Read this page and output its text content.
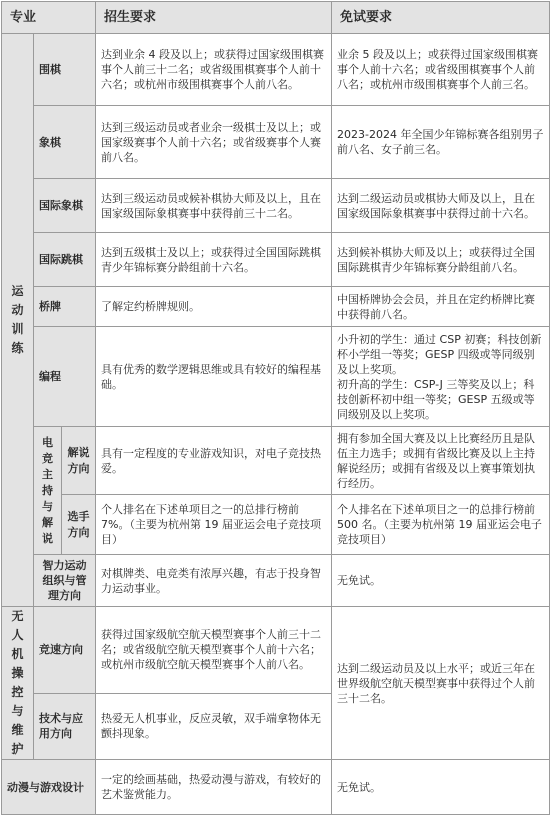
专业			招生要求	免试要求
运动训练	围棋		达到业余 4 段及以上；或获得过国家级围棋赛事个人前三十二名；或省级围棋赛事个人前十六名；或杭州市级围棋赛事个人前八名。	业余 5 段及以上；或获得过国家级围棋赛事个人前十六名；或省级围棋赛事个人前八名；或杭州市级围棋赛事个人前三名。
	象棋		达到三级运动员或者业余一级棋士及以上；或国家级赛事个人前十六名；或省级赛事个人赛前八名。	2023-2024 年全国少年锦标赛各组别男子前八名、女子前三名。
	国际象棋		达到三级运动员或候补棋协大师及以上，且在国家级国际象棋赛事中获得前三十二名。	达到二级运动员或棋协大师及以上，且在国家级国际象棋赛事中获得过前十六名。
	国际跳棋		达到五级棋士及以上；或获得过全国国际跳棋青少年锦标赛分龄组前十六名。	达到候补棋协大师及以上；或获得过全国国际跳棋青少年锦标赛分龄组前八名。
	桥牌		了解定约桥牌规则。	中国桥牌协会会员，并且在定约桥牌比赛中获得前八名。
	编程		具有优秀的数学逻辑思维或具有较好的编程基础。	小升初的学生：通过 CSP 初赛；科技创新杯小学组一等奖；GESP 四级或等同级别及以上奖项。
初升高的学生：CSP-J 三等奖及以上；科技创新杯初中组一等奖；GESP 五级或等同级别及以上奖项。

	电竞主持与解说	解说方向	具有一定程度的专业游戏知识，对电子竞技热爱。	拥有参加全国大赛及以上比赛经历且是队伍主力选手；或拥有省级比赛及以上主持解说经历；或拥有省级及以上赛事策划执行经历。
		选手方向	个人排名在下述单项目之一的总排行榜前 7%。（主要为杭州第 19 届亚运会电子竞技项目）	个人排名在下述单项目之一的总排行榜前 500 名。（主要为杭州第 19 届亚运会电子竞技项目）
	智力运动组织与管理方向		对棋牌类、电竞类有浓厚兴趣，有志于投身智力运动事业。	无免试。
无人机操控与维护	竞速方向		获得过国家级航空航天模型赛事个人前三十二名；或省级航空航天模型赛事个人前十六名；或杭州市级航空航天模型赛事个人前八名。	达到二级运动员及以上水平；或近三年在世界级航空航天模型赛事中获得过个人前三十二名。
	技术与应用方向		热爱无人机事业，反应灵敏，双手端拿物体无颤抖现象。	
动漫与游戏设计			一定的绘画基础，热爱动漫与游戏，有较好的艺术鉴赏能力。	无免试。
